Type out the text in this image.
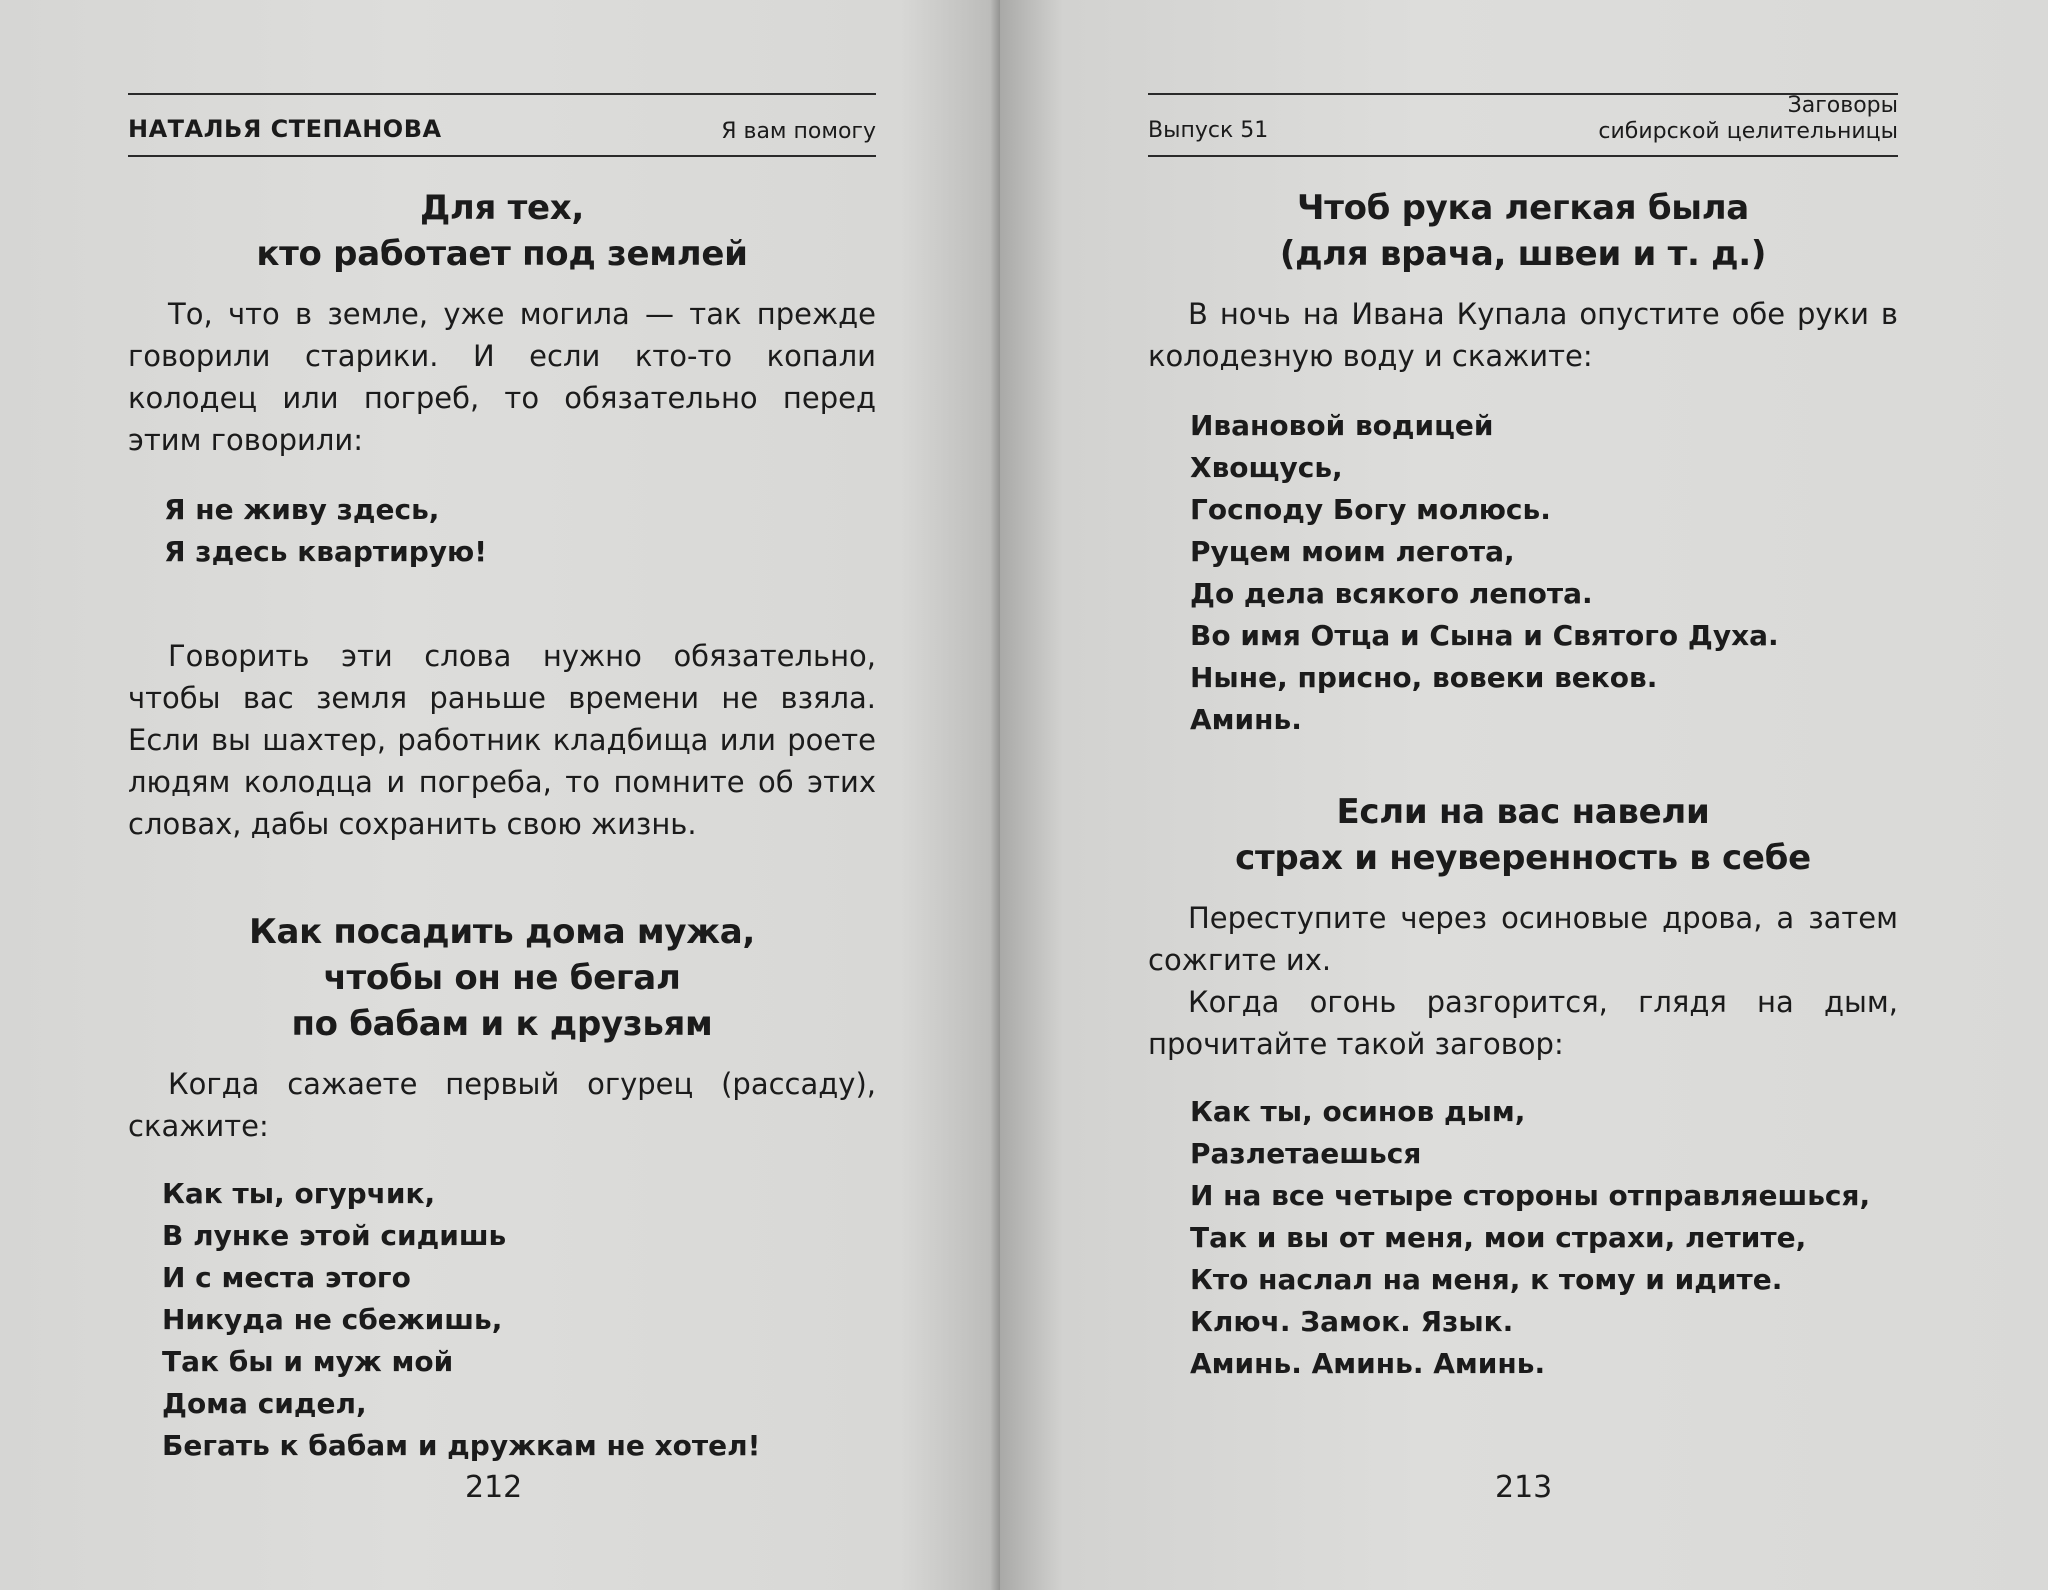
НАТАЛЬЯ СТЕПАНОВА	Я вам помогу
Для тех,
кто работает под землей

То, что в земле, уже могила — так прежде говорили старики. И если кто-то копали колодец или погреб, то обязательно перед этим говорили:

Я не живу здесь,
Я здесь квартирую!

Говорить эти слова нужно обязательно, чтобы вас земля раньше времени не взяла. Если вы шахтер, работник кладбища или роете людям колодца и погреба, то помните об этих словах, дабы сохранить свою жизнь.

Как посадить дома мужа,
чтобы он не бегал
по бабам и к друзьям

Когда сажаете первый огурец (рассаду), скажите:

Как ты, огурчик,
В лунке этой сидишь
И с места этого
Никуда не сбежишь,
Так бы и муж мой
Дома сидел,
Бегать к бабам и дружкам не хотел!
212
Выпуск 51
Заговоры
сибирской целительницы
Чтоб рука легкая была
(для врача, швеи и т. д.)

В ночь на Ивана Купала опустите обе руки в колодезную воду и скажите:

Ивановой водицей
Хвощусь,
Господу Богу молюсь.
Руцем моим легота,
До дела всякого лепота.
Во имя Отца и Сына и Святого Духа.
Ныне, присно, вовеки веков.
Аминь.
Если на вас навели
страх и неуверенность в себе

Переступите через осиновые дрова, а затем сожгите их.

Когда огонь разгорится, глядя на дым, прочитайте такой заговор:

Как ты, осинов дым,
Разлетаешься
И на все четыре стороны отправляешься,
Так и вы от меня, мои страхи, летите,
Кто наслал на меня, к тому и идите.
Ключ. Замок. Язык.
Аминь. Аминь. Аминь.
213
